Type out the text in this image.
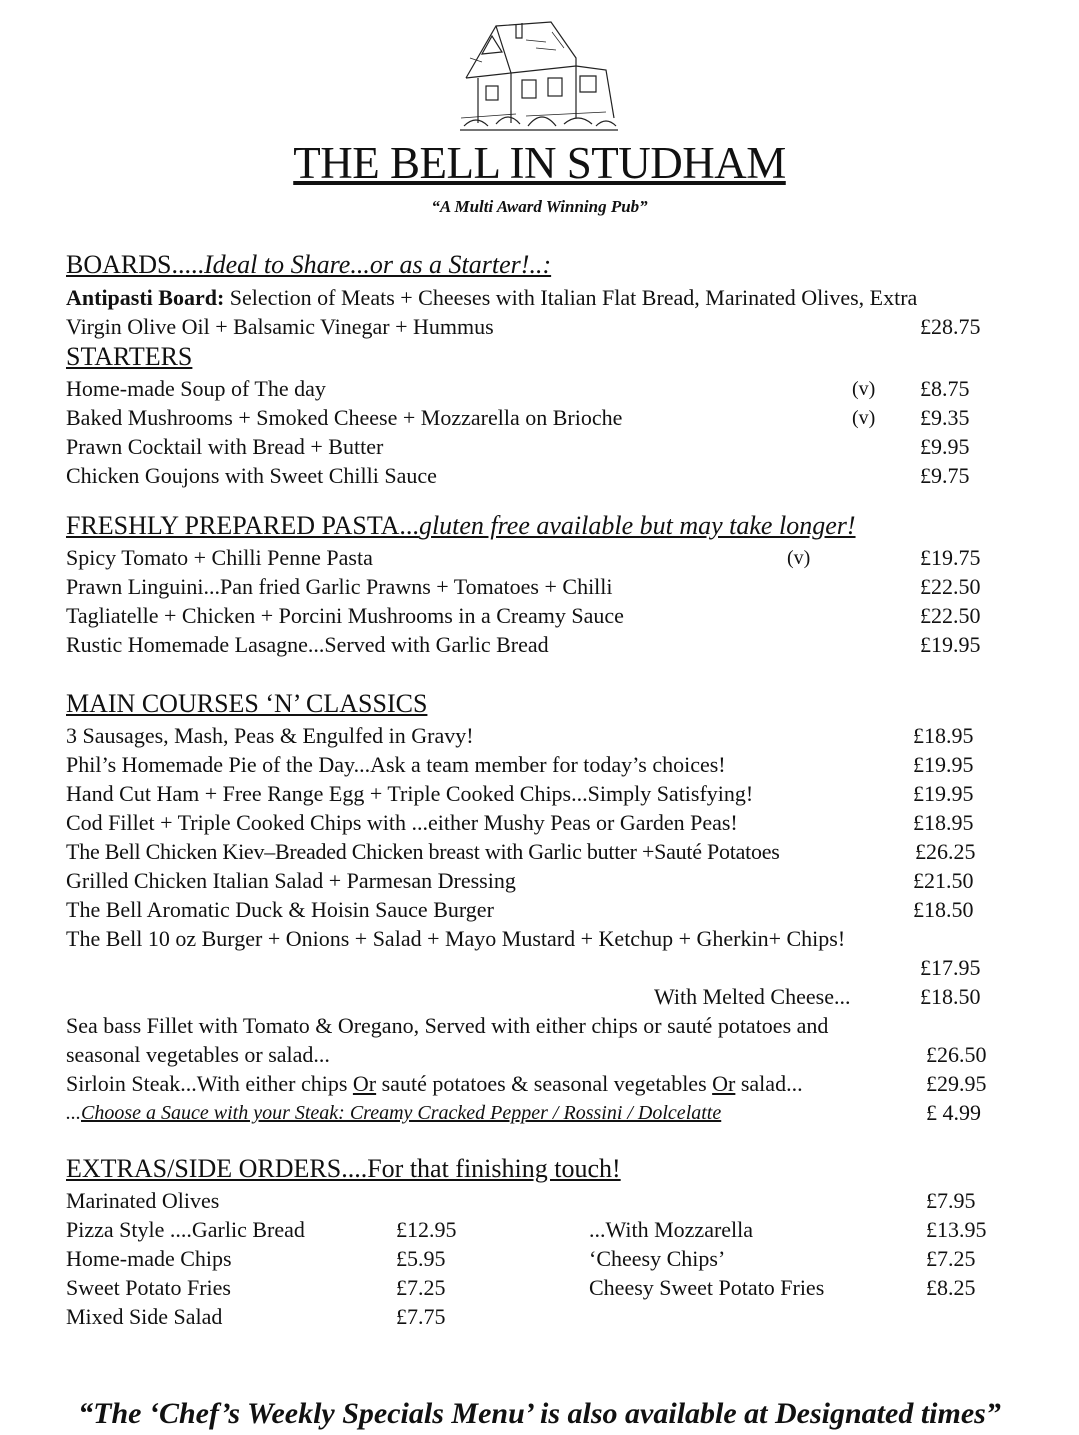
THE BELL IN STUDHAM
“A Multi Award Winning Pub”
BOARDS.....Ideal to Share...or as a Starter!..:
Antipasti Board: Selection of Meats + Cheeses with Italian Flat Bread, Marinated Olives, Extra
Virgin Olive Oil + Balsamic Vinegar + Hummus	£28.75
STARTERS
Home-made Soup of The day	(v) £8.75
Baked Mushrooms + Smoked Cheese + Mozzarella on Brioche	(v) £9.35
Prawn Cocktail with Bread + Butter	£9.95
Chicken Goujons with Sweet Chilli Sauce	£9.75
FRESHLY PREPARED PASTA...gluten free available but may take longer!
Spicy Tomato + Chilli Penne Pasta	(v)	£19.75
Prawn Linguini...Pan fried Garlic Prawns + Tomatoes + Chilli	£22.50
Tagliatelle + Chicken + Porcini Mushrooms in a Creamy Sauce	£22.50
Rustic Homemade Lasagne...Served with Garlic Bread	£19.95
MAIN COURSES ‘N’ CLASSICS
3 Sausages, Mash, Peas & Engulfed in Gravy!	£18.95
Phil’s Homemade Pie of the Day...Ask a team member for today’s choices!	£19.95
Hand Cut Ham + Free Range Egg + Triple Cooked Chips...Simply Satisfying!	£19.95
Cod Fillet + Triple Cooked Chips with ...either Mushy Peas or Garden Peas!	£18.95
The Bell Chicken Kiev–Breaded Chicken breast with Garlic butter +Sauté Potatoes	£26.25
Grilled Chicken Italian Salad + Parmesan Dressing	£21.50
The Bell Aromatic Duck & Hoisin Sauce Burger	£18.50
The Bell 10 oz Burger + Onions + Salad + Mayo Mustard + Ketchup + Gherkin+ Chips!
£17.95
With Melted Cheese...	£18.50
Sea bass Fillet with Tomato & Oregano, Served with either chips or sauté potatoes and
seasonal vegetables or salad...	£26.50
Sirloin Steak...With either chips Or sauté potatoes & seasonal vegetables Or salad...	£29.95
...Choose a Sauce with your Steak: Creamy Cracked Pepper / Rossini / Dolcelatte	£ 4.99
EXTRAS/SIDE ORDERS....For that finishing touch!
Marinated Olives	£7.95
Pizza Style ....Garlic Bread	£12.95	...With Mozzarella	£13.95
Home-made Chips	£5.95	‘Cheesy Chips’	£7.25
Sweet Potato Fries	£7.25	Cheesy Sweet Potato Fries	£8.25
Mixed Side Salad	£7.75
“The ‘Chef’s Weekly Specials Menu’ is also available at Designated times”
